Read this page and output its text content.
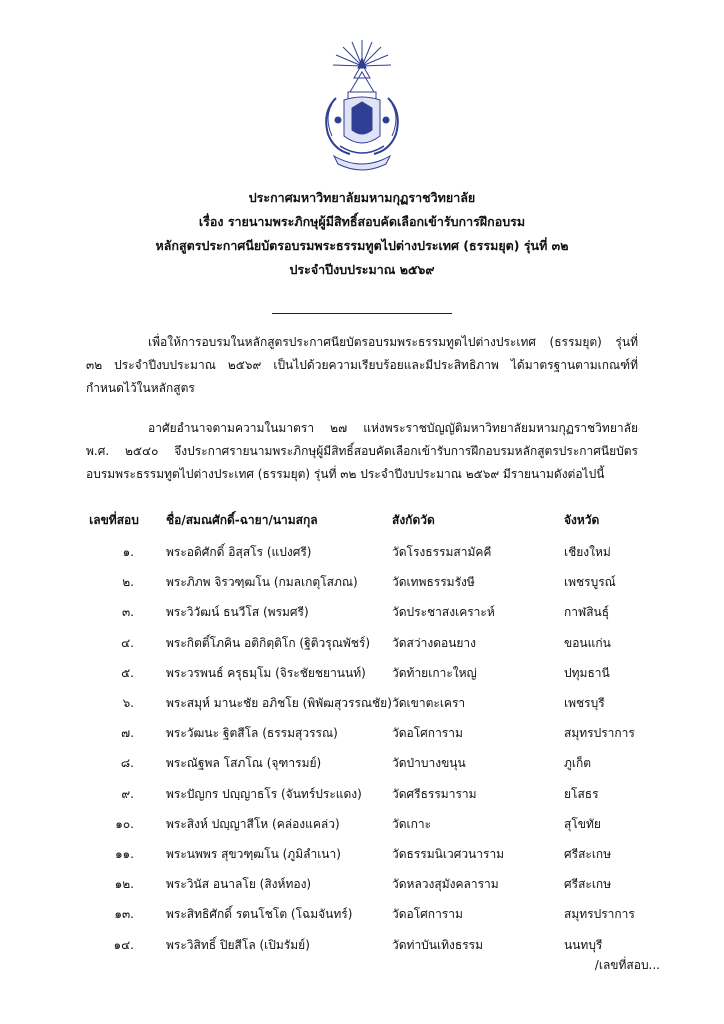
ประกาศมหาวิทยาลัยมหามกุฏราชวิทยาลัย
เรื่อง รายนามพระภิกษุผู้มีสิทธิ์สอบคัดเลือกเข้ารับการฝึกอบรม
หลักสูตรประกาศนียบัตรอบรมพระธรรมทูตไปต่างประเทศ (ธรรมยุต) รุ่นที่ ๓๒
ประจำปีงบประมาณ ๒๕๖๙
เพื่อให้การอบรมในหลักสูตรประกาศนียบัตรอบรมพระธรรมทูตไปต่างประเทศ (ธรรมยุต) รุ่นที่ ๓๒ ประจำปีงบประมาณ ๒๕๖๙ เป็นไปด้วยความเรียบร้อยและมีประสิทธิภาพ ได้มาตรฐานตามเกณฑ์ที่กำหนดไว้ในหลักสูตร
อาศัยอำนาจตามความในมาตรา ๒๗ แห่งพระราชบัญญัติมหาวิทยาลัยมหามกุฏราชวิทยาลัย พ.ศ. ๒๕๔๐ จึงประกาศรายนามพระภิกษุผู้มีสิทธิ์สอบคัดเลือกเข้ารับการฝึกอบรมหลักสูตรประกาศนียบัตรอบรมพระธรรมทูตไปต่างประเทศ (ธรรมยุต) รุ่นที่ ๓๒ ประจำปีงบประมาณ ๒๕๖๙ มีรายนามดังต่อไปนี้
เลขที่สอบ	ชื่อ/สมณศักดิ์-ฉายา/นามสกุล	สังกัดวัด	จังหวัด
๑.	พระอดิศักดิ์ อิสฺสโร (แปงศรี)	วัดโรงธรรมสามัคคี	เชียงใหม่
๒.	พระภิภพ จิรวฑฺฒโน (กมลเกตุโสภณ)	วัดเทพธรรมรังษี	เพชรบูรณ์
๓.	พระวิวัฒน์ ธนวีโส (พรมศรี)	วัดประชาสงเคราะห์	กาฬสินธุ์
๔.	พระกิตติ์โภคิน อติกิตฺติโก (ฐิติวรุณพัชร์)	วัดสว่างดอนยาง	ขอนแก่น
๕.	พระวรพนธ์ ครุธมฺโม (จิระชัยชยานนท์)	วัดท้ายเกาะใหญ่	ปทุมธานี
๖.	พระสมุห์ มานะชัย อภิชโย (พิพัฒสุวรรณชัย) วัดเขาตะเครา	เพชรบุรี
๗.	พระวัฒนะ ฐิตสีโล (ธรรมสุวรรณ)	วัดอโศการาม	สมุทรปราการ
๘.	พระณัฐพล โสภโณ (จุฑารมย์)	วัดป่าบางขนุน	ภูเก็ต
๙.	พระปัญกร ปญฺญาธโร (จันทร์ประแดง)	วัดศรีธรรมาราม	ยโสธร
๑๐.	พระสิงห์ ปญฺญาสีโห (คล่องแคล่ว)	วัดเกาะ	สุโขทัย
๑๑.	พระนพพร สุขวฑฺฒโน (ภูมิลำเนา)	วัดธรรมนิเวศวนาราม	ศรีสะเกษ
๑๒.	พระวินัส อนาลโย (สิงห์ทอง)	วัดหลวงสุมังคลาราม	ศรีสะเกษ
๑๓.	พระสิทธิศักดิ์ รตนโชโต (โฉมจันทร์)	วัดอโศการาม	สมุทรปราการ
๑๔.	พระวิสิทธิ์ ปิยสีโล (เปิมรัมย์)	วัดท่าบันเทิงธรรม	นนทบุรี
/เลขที่สอบ...
